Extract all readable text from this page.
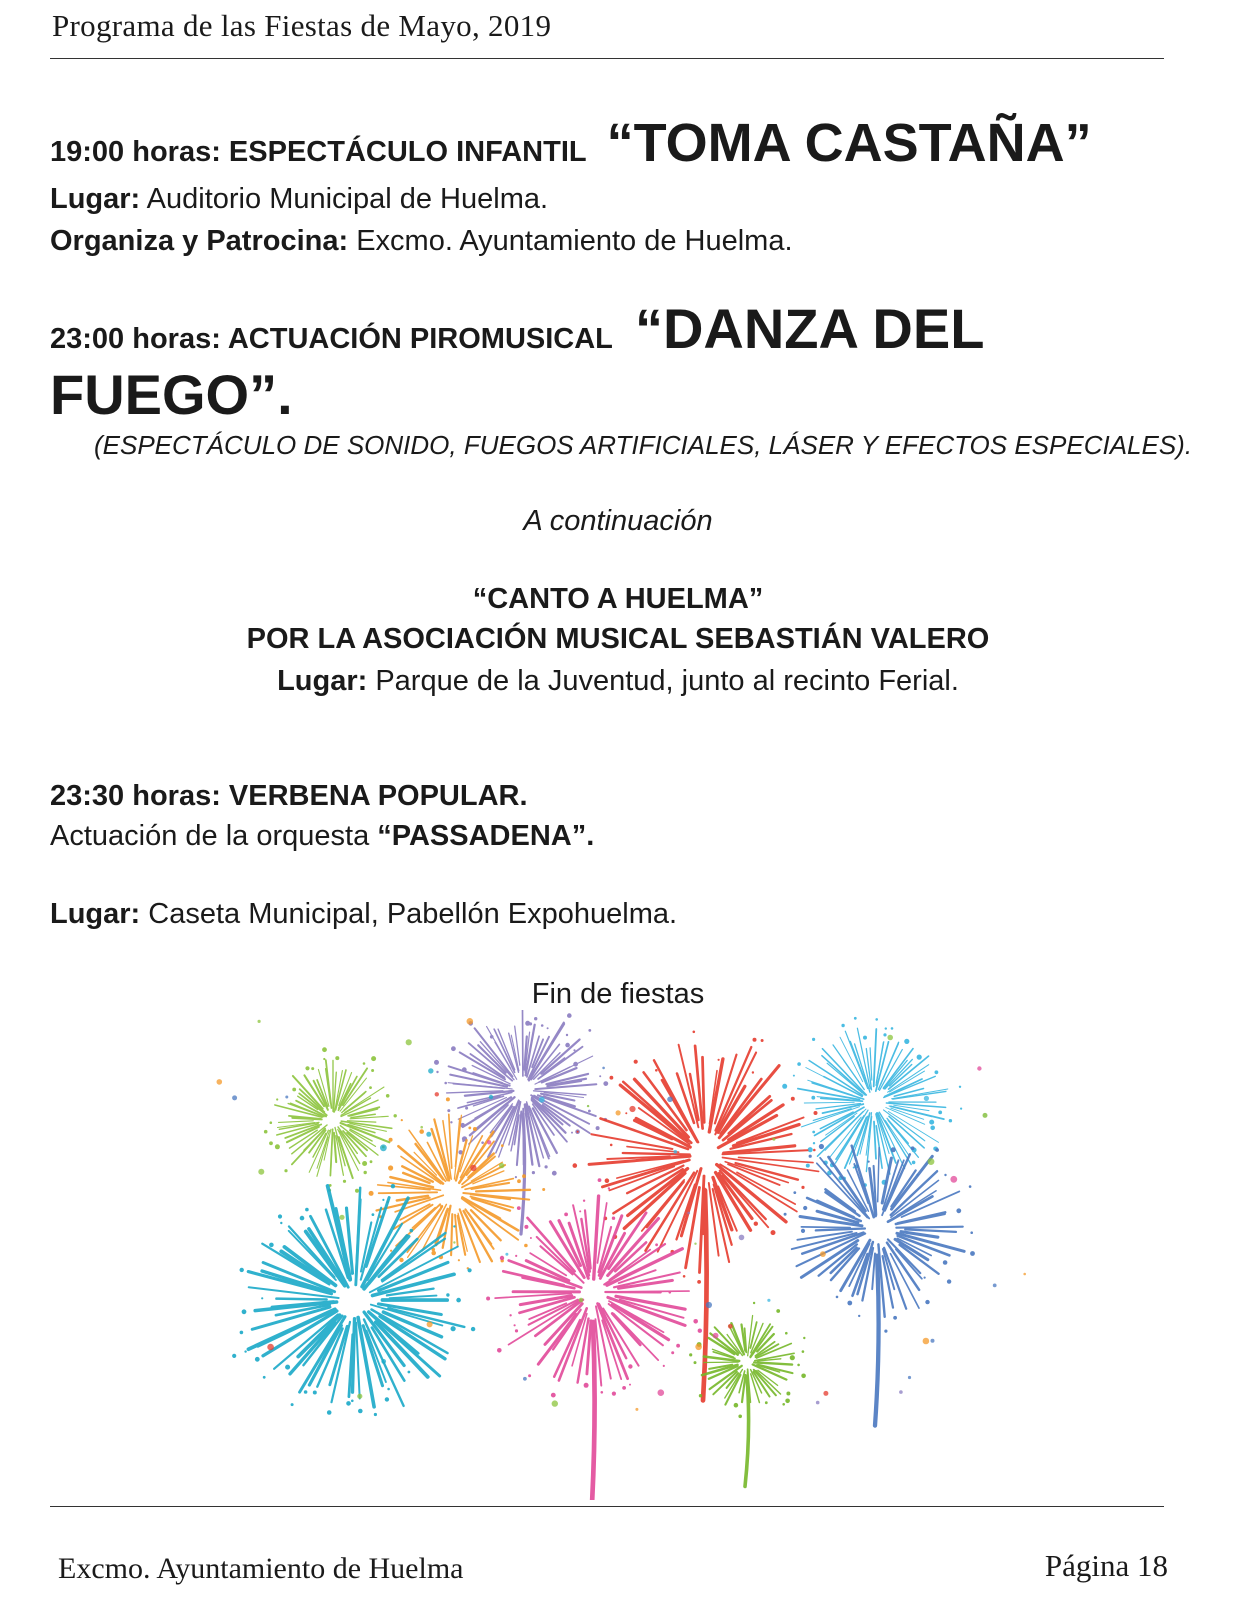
Programa de las Fiestas de Mayo, 2019
19:00 horas: ESPECTÁCULO INFANTIL “TOMA CASTAÑA”
Lugar: Auditorio Municipal de Huelma.
Organiza y Patrocina: Excmo. Ayuntamiento de Huelma.
23:00 horas: ACTUACIÓN PIROMUSICAL “DANZA DEL
FUEGO”.
(ESPECTÁCULO DE SONIDO, FUEGOS ARTIFICIALES, LÁSER Y EFECTOS ESPECIALES).
A continuación
“CANTO A HUELMA”
POR LA ASOCIACIÓN MUSICAL SEBASTIÁN VALERO
Lugar: Parque de la Juventud, junto al recinto Ferial.
23:30 horas: VERBENA POPULAR.
Actuación de la orquesta “PASSADENA”.
Lugar: Caseta Municipal, Pabellón Expohuelma.
Fin de fiestas
Excmo. Ayuntamiento de Huelma	Página 18
